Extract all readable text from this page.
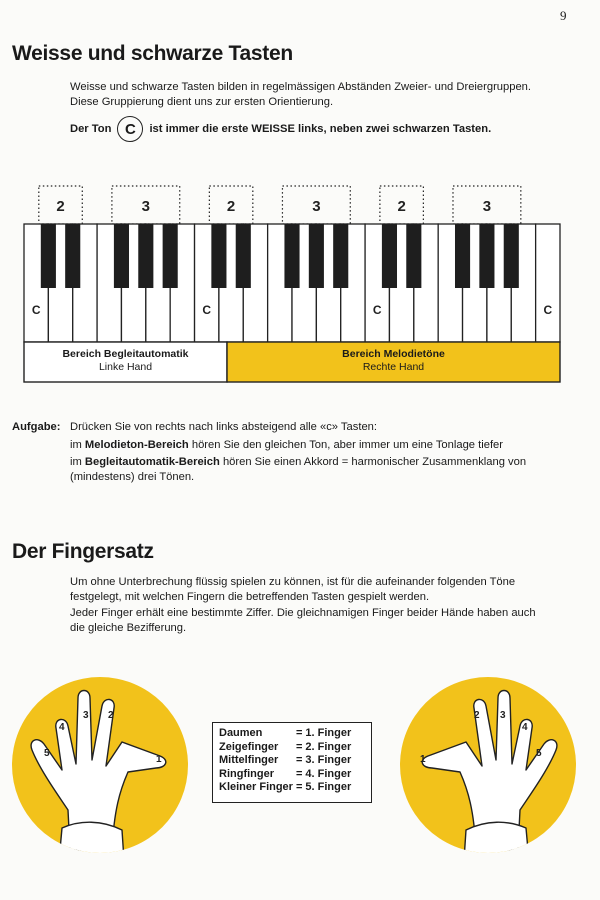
9
Weisse und schwarze Tasten
Weisse und schwarze Tasten bilden in regelmässigen Abständen Zweier- und Dreiergruppen.
Diese Gruppierung dient uns zur ersten Orientierung.
Der Ton C	ist immer die erste WEISSE links, neben zwei schwarzen Tasten.
2	3	2	3	2	3
C	C	C	C
Bereich Begleitautomatik
Linke Hand
Bereich Melodietöne
Rechte Hand
Aufgabe: Drücken Sie von rechts nach links absteigend alle «c» Tasten:
im Melodieton-Bereich hören Sie den gleichen Ton, aber immer um eine Tonlage tiefer
im Begleitautomatik-Bereich hören Sie einen Akkord = harmonischer Zusammenklang von
(mindestens) drei Tönen.
Der Fingersatz
Um ohne Unterbrechung flüssig spielen zu können, ist für die aufeinander folgenden Töne
festgelegt, mit welchen Fingern die betreffenden Tasten gespielt werden.
Jeder Finger erhält eine bestimmte Ziffer. Die gleichnamigen Finger beider Hände haben auch
die gleiche Bezifferung.
5
4
3 2
1
Daumen	=	1. Finger
Zeigefinger	=	2. Finger
Mittelfinger	=	3. Finger
Ringfinger	=	4. Finger
Kleiner Finger	=	5. Finger
1
2 3
4
5
